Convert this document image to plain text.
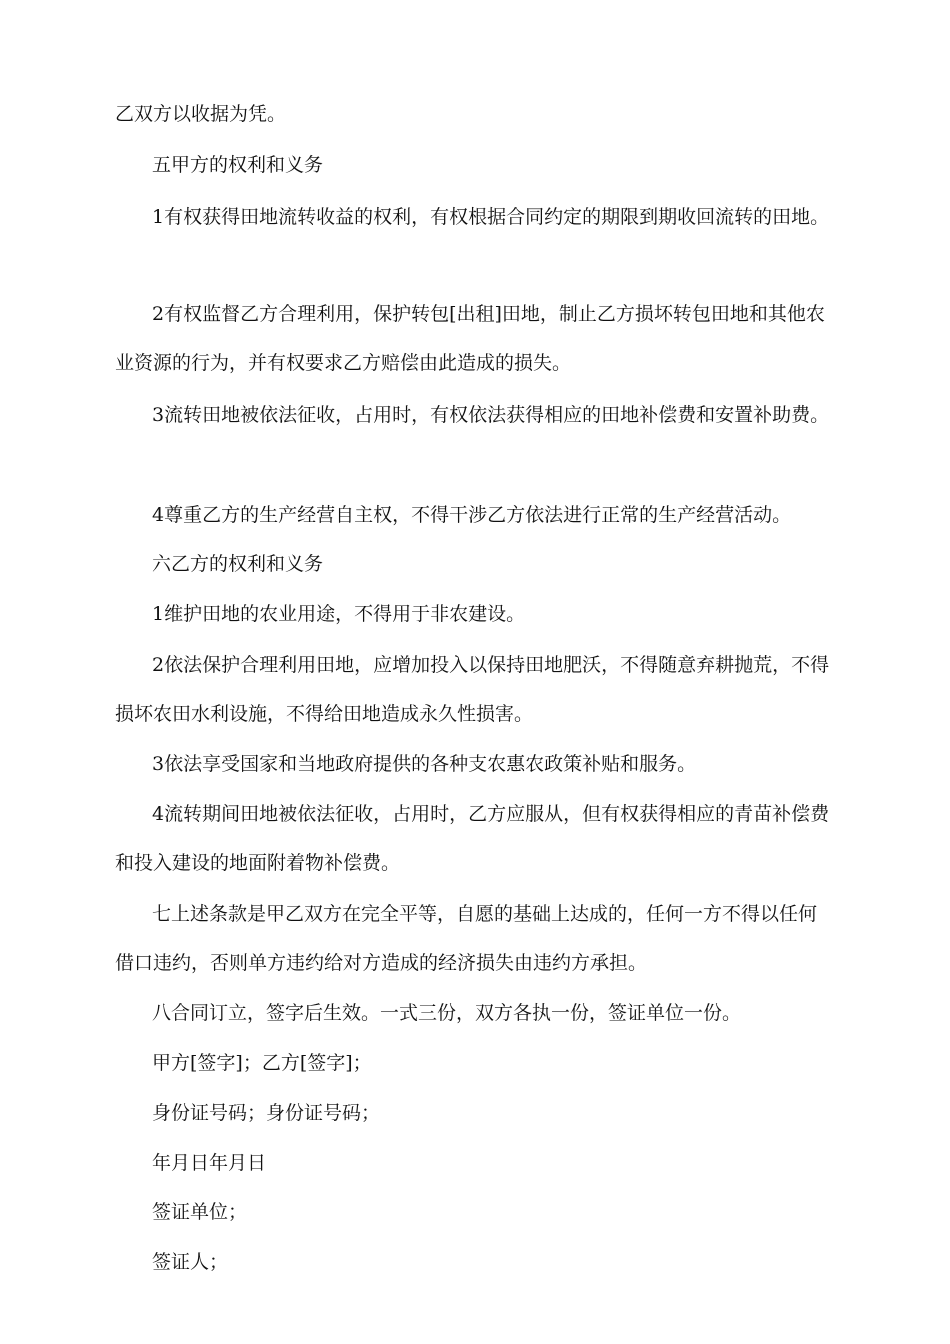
乙双方以收据为凭。
五甲方的权利和义务
1有权获得田地流转收益的权利，有权根据合同约定的期限到期收回流转的田地。
2有权监督乙方合理利用，保护转包[出租]田地，制止乙方损坏转包田地和其他农
业资源的行为，并有权要求乙方赔偿由此造成的损失。
3流转田地被依法征收，占用时，有权依法获得相应的田地补偿费和安置补助费。
4尊重乙方的生产经营自主权，不得干涉乙方依法进行正常的生产经营活动。
六乙方的权利和义务
1维护田地的农业用途，不得用于非农建设。
2依法保护合理利用田地，应增加投入以保持田地肥沃，不得随意弃耕抛荒，不得
损坏农田水利设施，不得给田地造成永久性损害。
3依法享受国家和当地政府提供的各种支农惠农政策补贴和服务。
4流转期间田地被依法征收，占用时，乙方应服从，但有权获得相应的青苗补偿费
和投入建设的地面附着物补偿费。
七上述条款是甲乙双方在完全平等，自愿的基础上达成的，任何一方不得以任何
借口违约，否则单方违约给对方造成的经济损失由违约方承担。
八合同订立，签字后生效。一式三份，双方各执一份，签证单位一份。
甲方[签字]；乙方[签字]；
身份证号码；身份证号码；
年月日年月日
签证单位；
签证人；
